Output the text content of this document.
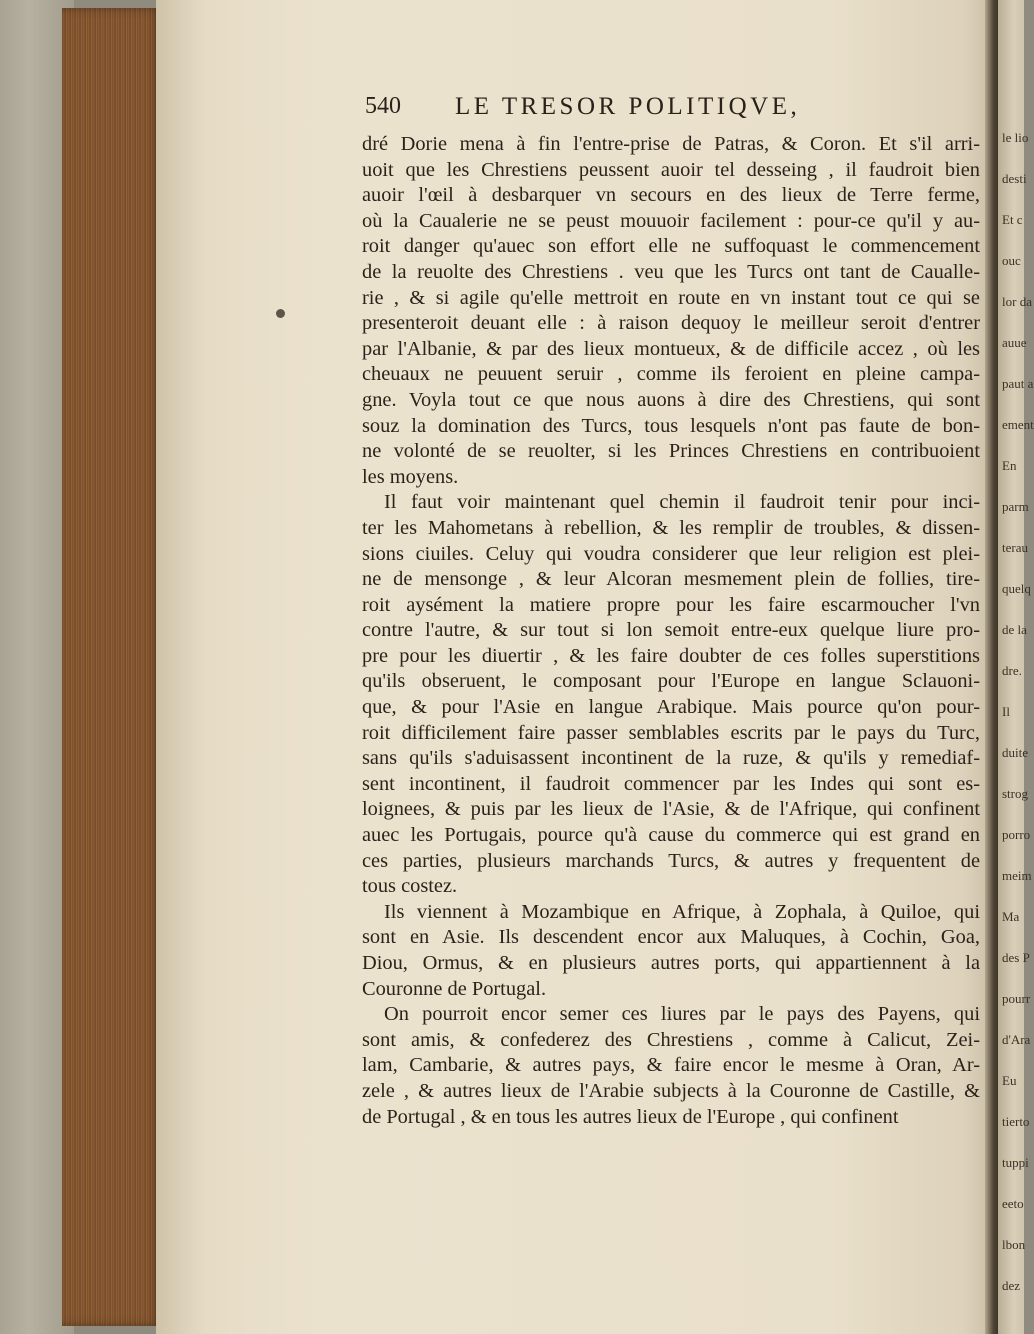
540 LE TRESOR POLITIQVE,
dré Dorie mena à fin l'entre-prise de Patras, & Coron. Et s'il arri-
uoit que les Chrestiens peussent auoir tel desseing , il faudroit bien
auoir l'œil à desbarquer vn secours en des lieux de Terre ferme,
où la Caualerie ne se peust mouuoir facilement : pour-ce qu'il y au-
roit danger qu'auec son effort elle ne suffoquast le commencement
de la reuolte des Chrestiens . veu que les Turcs ont tant de Caualle-
rie , & si agile qu'elle mettroit en route en vn instant tout ce qui se
presenteroit deuant elle : à raison dequoy le meilleur seroit d'entrer
par l'Albanie, & par des lieux montueux, & de difficile accez , où les
cheuaux ne peuuent seruir , comme ils feroient en pleine campa-
gne. Voyla tout ce que nous auons à dire des Chrestiens, qui sont
souz la domination des Turcs, tous lesquels n'ont pas faute de bon-
ne volonté de se reuolter, si les Princes Chrestiens en contribuoient
les moyens.
Il faut voir maintenant quel chemin il faudroit tenir pour inci-
ter les Mahometans à rebellion, & les remplir de troubles, & dissen-
sions ciuiles. Celuy qui voudra considerer que leur religion est plei-
ne de mensonge , & leur Alcoran mesmement plein de follies, tire-
roit aysément la matiere propre pour les faire escarmoucher l'vn
contre l'autre, & sur tout si lon semoit entre-eux quelque liure pro-
pre pour les diuertir , & les faire doubter de ces folles superstitions
qu'ils obseruent, le composant pour l'Europe en langue Sclauoni-
que, & pour l'Asie en langue Arabique. Mais pource qu'on pour-
roit difficilement faire passer semblables escrits par le pays du Turc,
sans qu'ils s'aduisassent incontinent de la ruze, & qu'ils y remediaf-
sent incontinent, il faudroit commencer par les Indes qui sont es-
loignees, & puis par les lieux de l'Asie, & de l'Afrique, qui confinent
auec les Portugais, pource qu'à cause du commerce qui est grand en
ces parties, plusieurs marchands Turcs, & autres y frequentent de
tous costez.
Ils viennent à Mozambique en Afrique, à Zophala, à Quiloe, qui
sont en Asie. Ils descendent encor aux Maluques, à Cochin, Goa,
Diou, Ormus, & en plusieurs autres ports, qui appartiennent à la
Couronne de Portugal.
On pourroit encor semer ces liures par le pays des Payens, qui
sont amis, & confederez des Chrestiens , comme à Calicut, Zei-
lam, Cambarie, & autres pays, & faire encor le mesme à Oran, Ar-
zele , & autres lieux de l'Arabie subjects à la Couronne de Castille, &
de Portugal , & en tous les autres lieux de l'Europe , qui confinent
le lio
desti
Et c
ouc
lor da
auue
paut a
ement
En
parm
terau
quelq
de la
dre.
Il
duite
strog
porro
meim
Ma
des P
pourr
d'Ara
Eu
tierto
tuppi
eeto
lbon
dez
